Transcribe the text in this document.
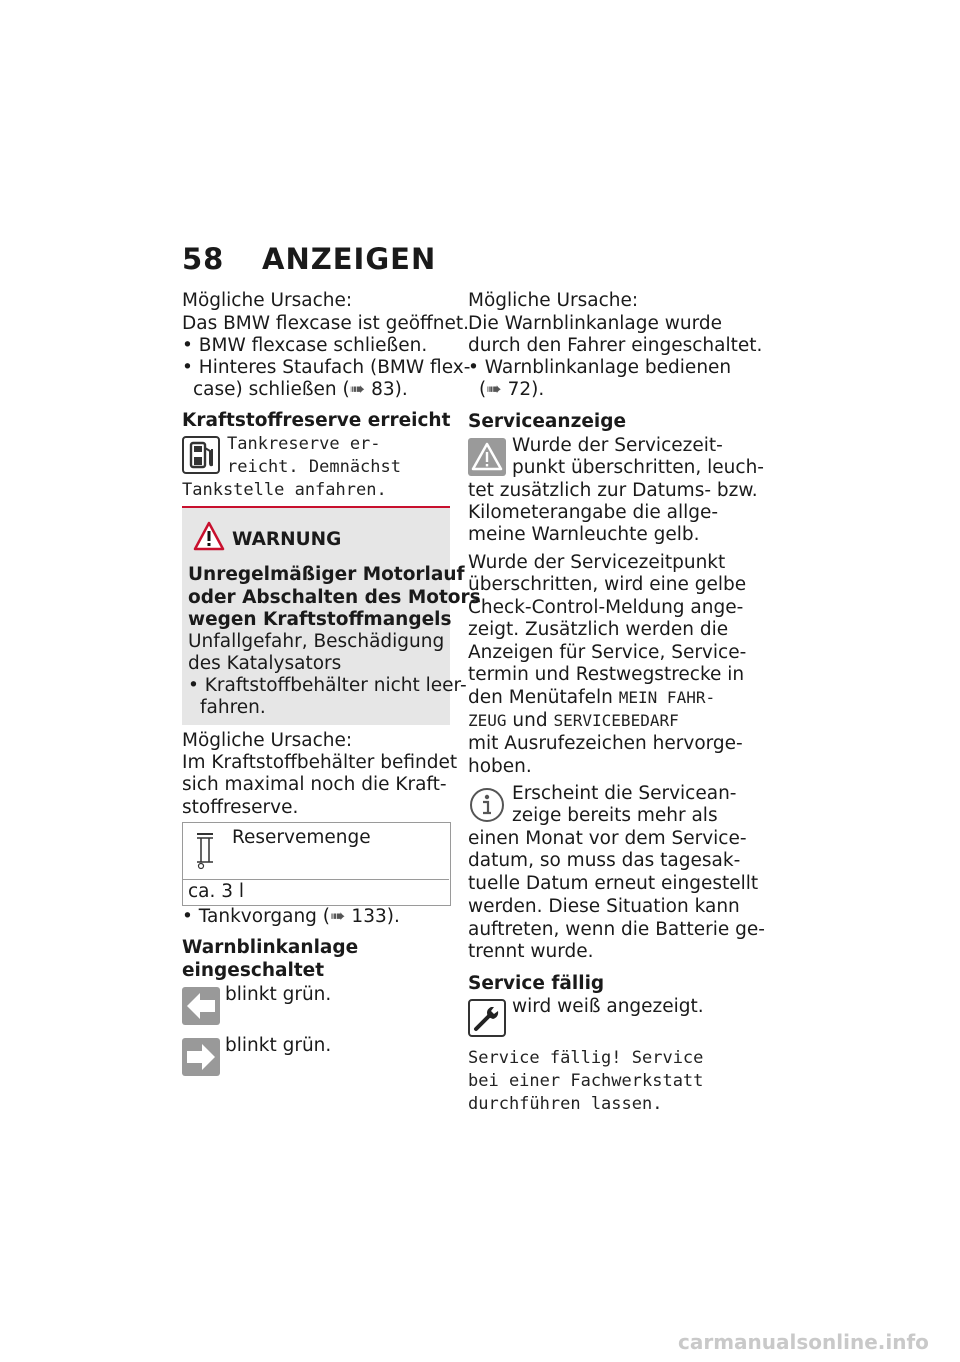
58 ANZEIGEN
Mögliche Ursache:
Das BMW flexcase ist geöffnet.
• BMW flexcase schließen.
• Hinteres Staufach (BMW flex-
case) schließen (➠ 83).
Kraftstoffreserve erreicht
Tankreserve er-
reicht. Demnächst
Tankstelle anfahren.
WARNUNG
Unregelmäßiger Motorlauf
oder Abschalten des Motors
wegen Kraftstoffmangels
Unfallgefahr, Beschädigung
des Katalysators
• Kraftstoffbehälter nicht leer-
fahren.
Mögliche Ursache:
Im Kraftstoffbehälter befindet
sich maximal noch die Kraft-
stoffreserve.
Reservemenge
ca. 3 l
• Tankvorgang (➠ 133).
Warnblinkanlage
eingeschaltet
blinkt grün.
blinkt grün.
Mögliche Ursache:
Die Warnblinkanlage wurde
durch den Fahrer eingeschaltet.
• Warnblinkanlage bedienen
(➠ 72).
Serviceanzeige
Wurde der Servicezeit-
punkt überschritten, leuch-
tet zusätzlich zur Datums- bzw.
Kilometerangabe die allge-
meine Warnleuchte gelb.
Wurde der Servicezeitpunkt
überschritten, wird eine gelbe
Check-Control-Meldung ange-
zeigt. Zusätzlich werden die
Anzeigen für Service, Service-
termin und Restwegstrecke in
den Menütafeln MEIN FAHR-
ZEUG und SERVICEBEDARF
mit Ausrufezeichen hervorge-
hoben.
Erscheint die Servicean-
zeige bereits mehr als
einen Monat vor dem Service-
datum, so muss das tagesak-
tuelle Datum erneut eingestellt
werden. Diese Situation kann
auftreten, wenn die Batterie ge-
trennt wurde.
Service fällig
wird weiß angezeigt.
Service fällig! Service
bei einer Fachwerkstatt
durchführen lassen.
carmanualsonline.info
